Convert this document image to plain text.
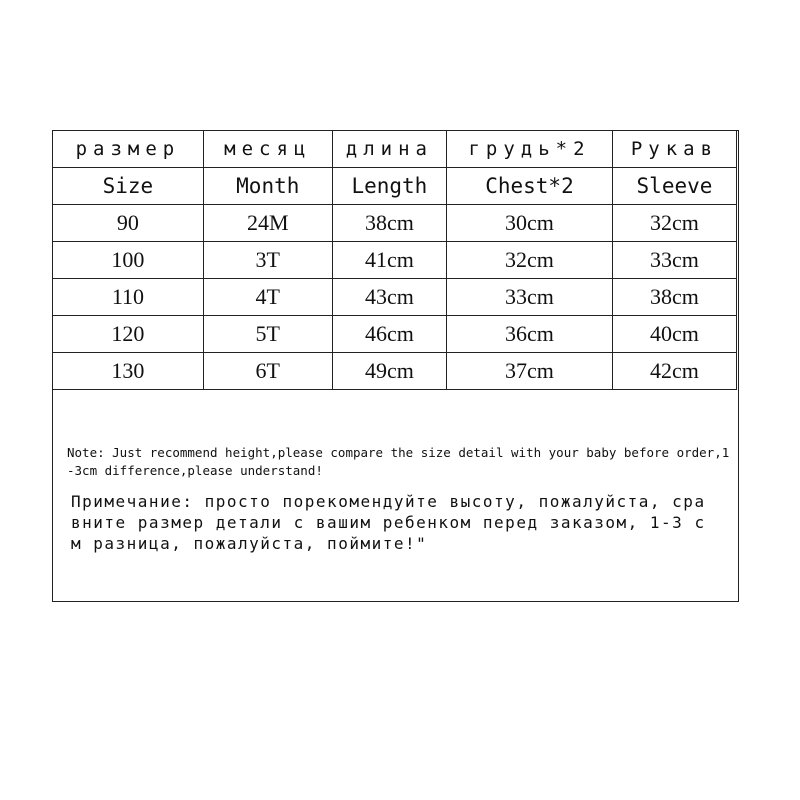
размер	месяц	длина	грудь*2	Рукав
Size	Month	Length	Chest*2	Sleeve
90	24M	38cm	30cm	32cm
100	3T	41cm	32cm	33cm
110	4T	43cm	33cm	38cm
120	5T	46cm	36cm	40cm
130	6T	49cm	37cm	42cm
Note: Just recommend height,please compare the size detail with your baby before order,1-3cm difference,please understand!
Примечание: просто порекомендуйте высоту, пожалуйста, сравните размер детали с вашим ребенком перед заказом, 1-3 см разница, пожалуйста, поймите!"
